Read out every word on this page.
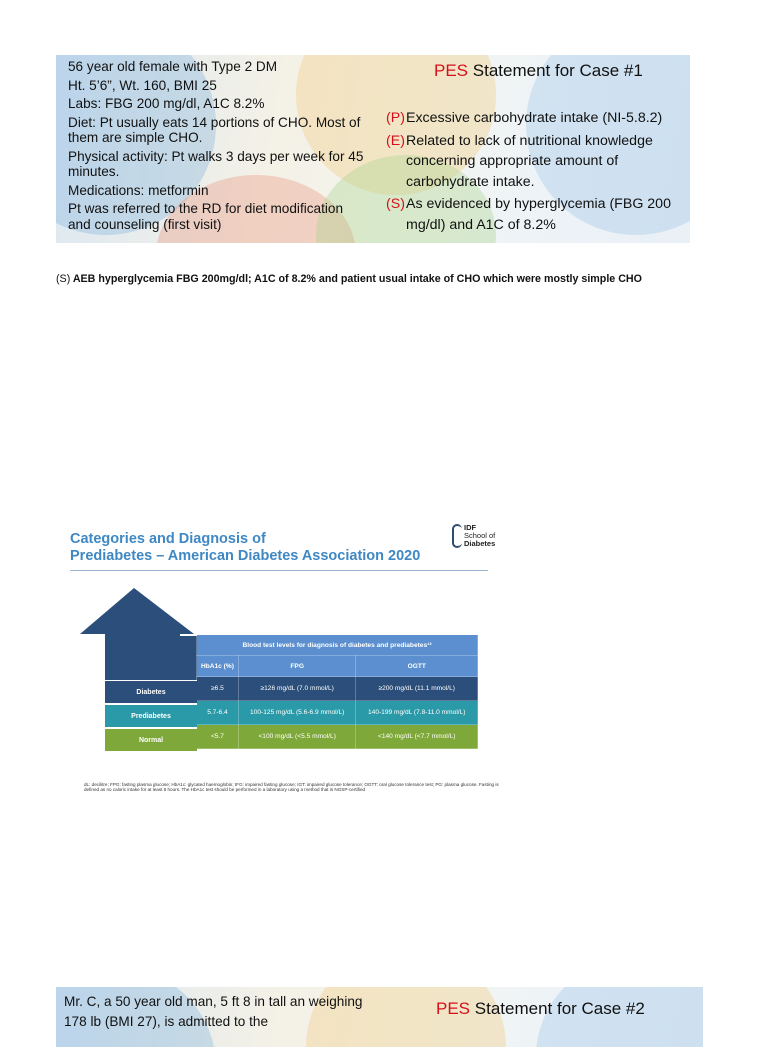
56 year old female with Type 2 DM
Ht. 5’6”, Wt. 160, BMI 25
Labs: FBG 200 mg/dl, A1C 8.2%
Diet: Pt usually eats 14 portions of CHO. Most of them are simple CHO.
Physical activity: Pt walks 3 days per week for 45 minutes.
Medications: metformin
Pt was referred to the RD for diet modification and counseling (first visit)
PES Statement for Case #1
(P) Excessive carbohydrate intake (NI-5.8.2)
(E) Related to lack of nutritional knowledge concerning appropriate amount of carbohydrate intake.
(S) As evidenced by hyperglycemia (FBG 200 mg/dl) and A1C of 8.2%
(S) AEB hyperglycemia FBG 200mg/dl; A1C of 8.2% and patient usual intake of CHO which were mostly simple CHO
Categories and Diagnosis of
Prediabetes – American Diabetes Association 2020
IDF
School of
Diabetes
Blood test levels for diagnosis of diabetes and prediabetes¹³		
HbA1c (%)	FPG	OGTT
≥6.5	≥126 mg/dL (7.0 mmol/L)	≥200 mg/dL (11.1 mmol/L)
5.7-6.4	100-125 mg/dL (5.6-6.9 mmol/L)	140-199 mg/dL (7.8-11.0 mmol/L)
<5.7	<100 mg/dL (<5.5 mmol/L)	<140 mg/dL (<7.7 mmol/L)
Diabetes
Prediabetes
Normal
dL: decilitre; FPG: fasting plasma glucose; HbA1c: glycated haemoglobin; IFG: impaired fasting glucose; IGT: impaired glucose tolerance; OGTT: oral glucose tolerance test; PG: plasma glucose. Fasting is defined as no caloric intake for at least 8 hours. The HbA1c test should be performed in a laboratory using a method that is NGSP-certified
Mr. C, a 50 year old man, 5 ft 8 in tall an weighing 178 lb (BMI 27), is admitted to the
PES Statement for Case #2
